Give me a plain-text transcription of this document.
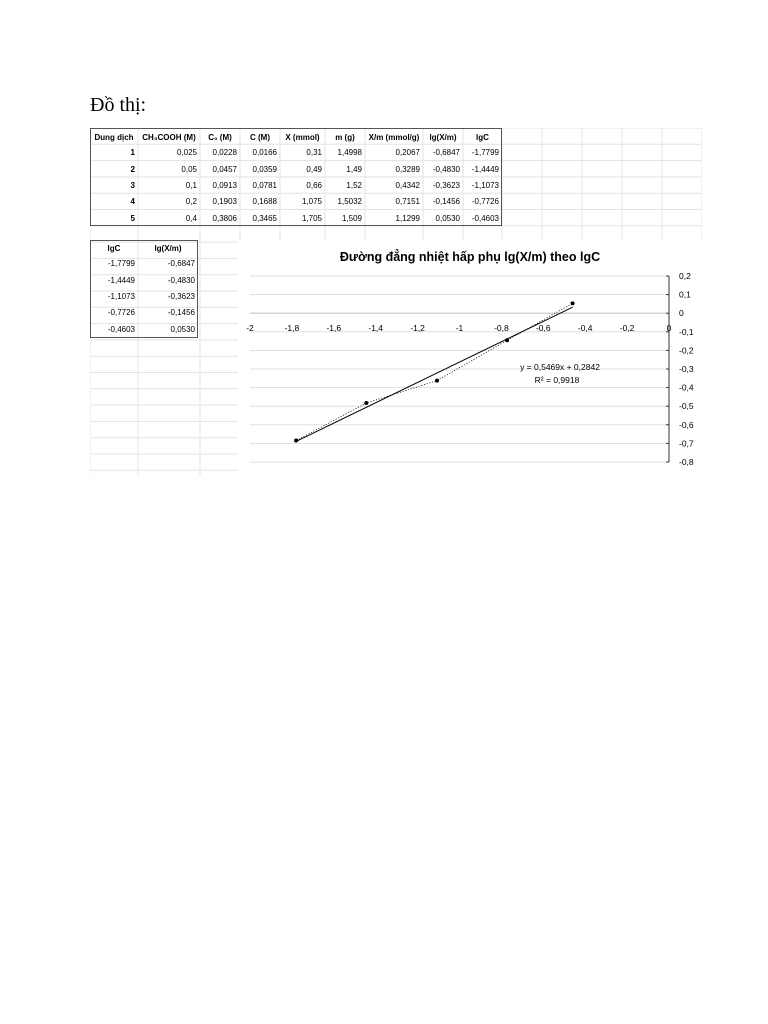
Đồ thị:
Dung dịch	CH₃COOH (M)	C₀ (M)	C (M)	X (mmol)	m (g)	X/m (mmol/g)	lg(X/m)	lgC
1	0,025	0,0228	0,0166	0,31	1,4998	0,2067	-0,6847	-1,7799
2	0,05	0,0457	0,0359	0,49	1,49	0,3289	-0,4830	-1,4449
3	0,1	0,0913	0,0781	0,66	1,52	0,4342	-0,3623	-1,1073
4	0,2	0,1903	0,1688	1,075	1,5032	0,7151	-0,1456	-0,7726
5	0,4	0,3806	0,3465	1,705	1,509	1,1299	0,0530	-0,4603
lgC	lg(X/m)
-1,7799	-0,6847
-1,4449	-0,4830
-1,1073	-0,3623
-0,7726	-0,1456
-0,4603	0,0530
Đường đẳng nhiệt hấp phụ lg(X/m) theo lgC
0,2
0,1
0
-0,1
-0,2
-0,3
-0,4
-0,5
-0,6
-0,7
-0,8
-2	-1,8	-1,6	-1,4	-1,2	-1	-0,8	-0,6	-0,4	-0,2	0
y = 0,5469x + 0,2842
R² = 0,9918
